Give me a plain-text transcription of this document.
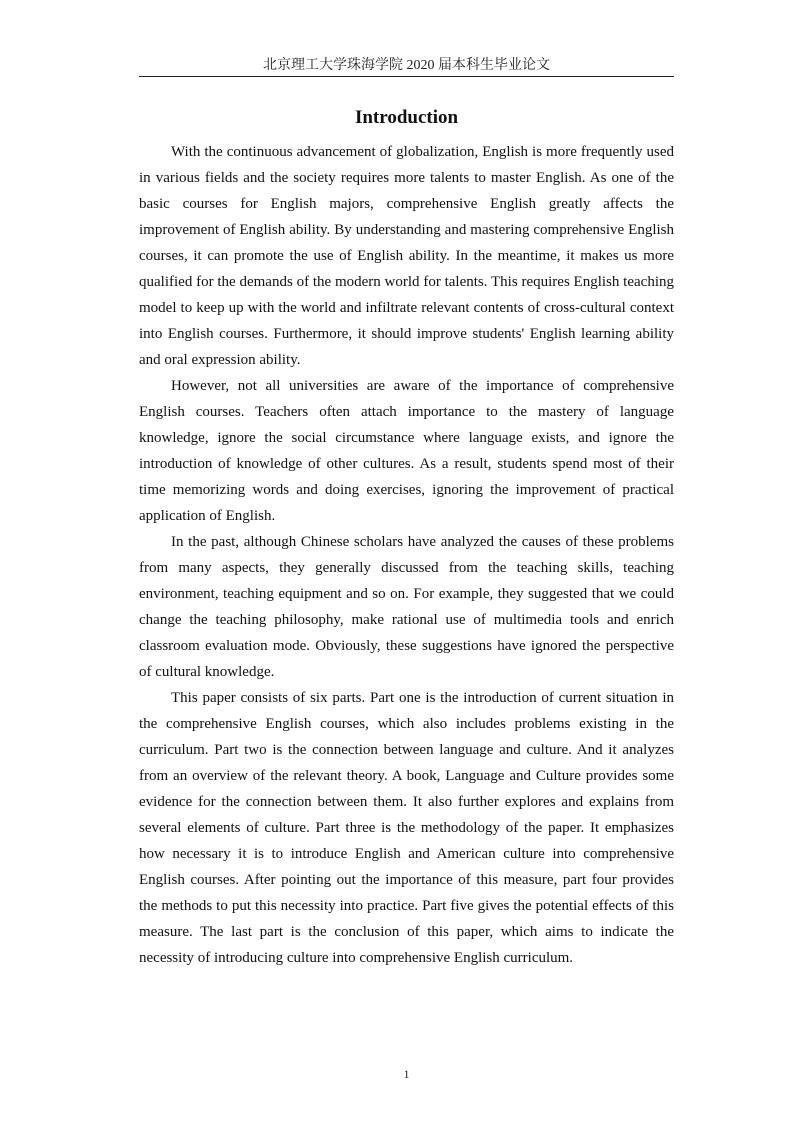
北京理工大学珠海学院 2020 届本科生毕业论文
Introduction

With the continuous advancement of globalization, English is more frequently used in various fields and the society requires more talents to master English. As one of the basic courses for English majors, comprehensive English greatly affects the improvement of English ability. By understanding and mastering comprehensive English courses, it can promote the use of English ability. In the meantime, it makes us more qualified for the demands of the modern world for talents. This requires English teaching model to keep up with the world and infiltrate relevant contents of cross-cultural context into English courses. Furthermore, it should improve students' English learning ability and oral expression ability.

However, not all universities are aware of the importance of comprehensive English courses. Teachers often attach importance to the mastery of language knowledge, ignore the social circumstance where language exists, and ignore the introduction of knowledge of other cultures. As a result, students spend most of their time memorizing words and doing exercises, ignoring the improvement of practical application of English.

In the past, although Chinese scholars have analyzed the causes of these problems from many aspects, they generally discussed from the teaching skills, teaching environment, teaching equipment and so on. For example, they suggested that we could change the teaching philosophy, make rational use of multimedia tools and enrich classroom evaluation mode. Obviously, these suggestions have ignored the perspective of cultural knowledge.

This paper consists of six parts. Part one is the introduction of current situation in the comprehensive English courses, which also includes problems existing in the curriculum. Part two is the connection between language and culture. And it analyzes from an overview of the relevant theory. A book, Language and Culture provides some evidence for the connection between them. It also further explores and explains from several elements of culture. Part three is the methodology of the paper. It emphasizes how necessary it is to introduce English and American culture into comprehensive English courses. After pointing out the importance of this measure, part four provides the methods to put this necessity into practice. Part five gives the potential effects of this measure. The last part is the conclusion of this paper, which aims to indicate the necessity of introducing culture into comprehensive English curriculum.

1
